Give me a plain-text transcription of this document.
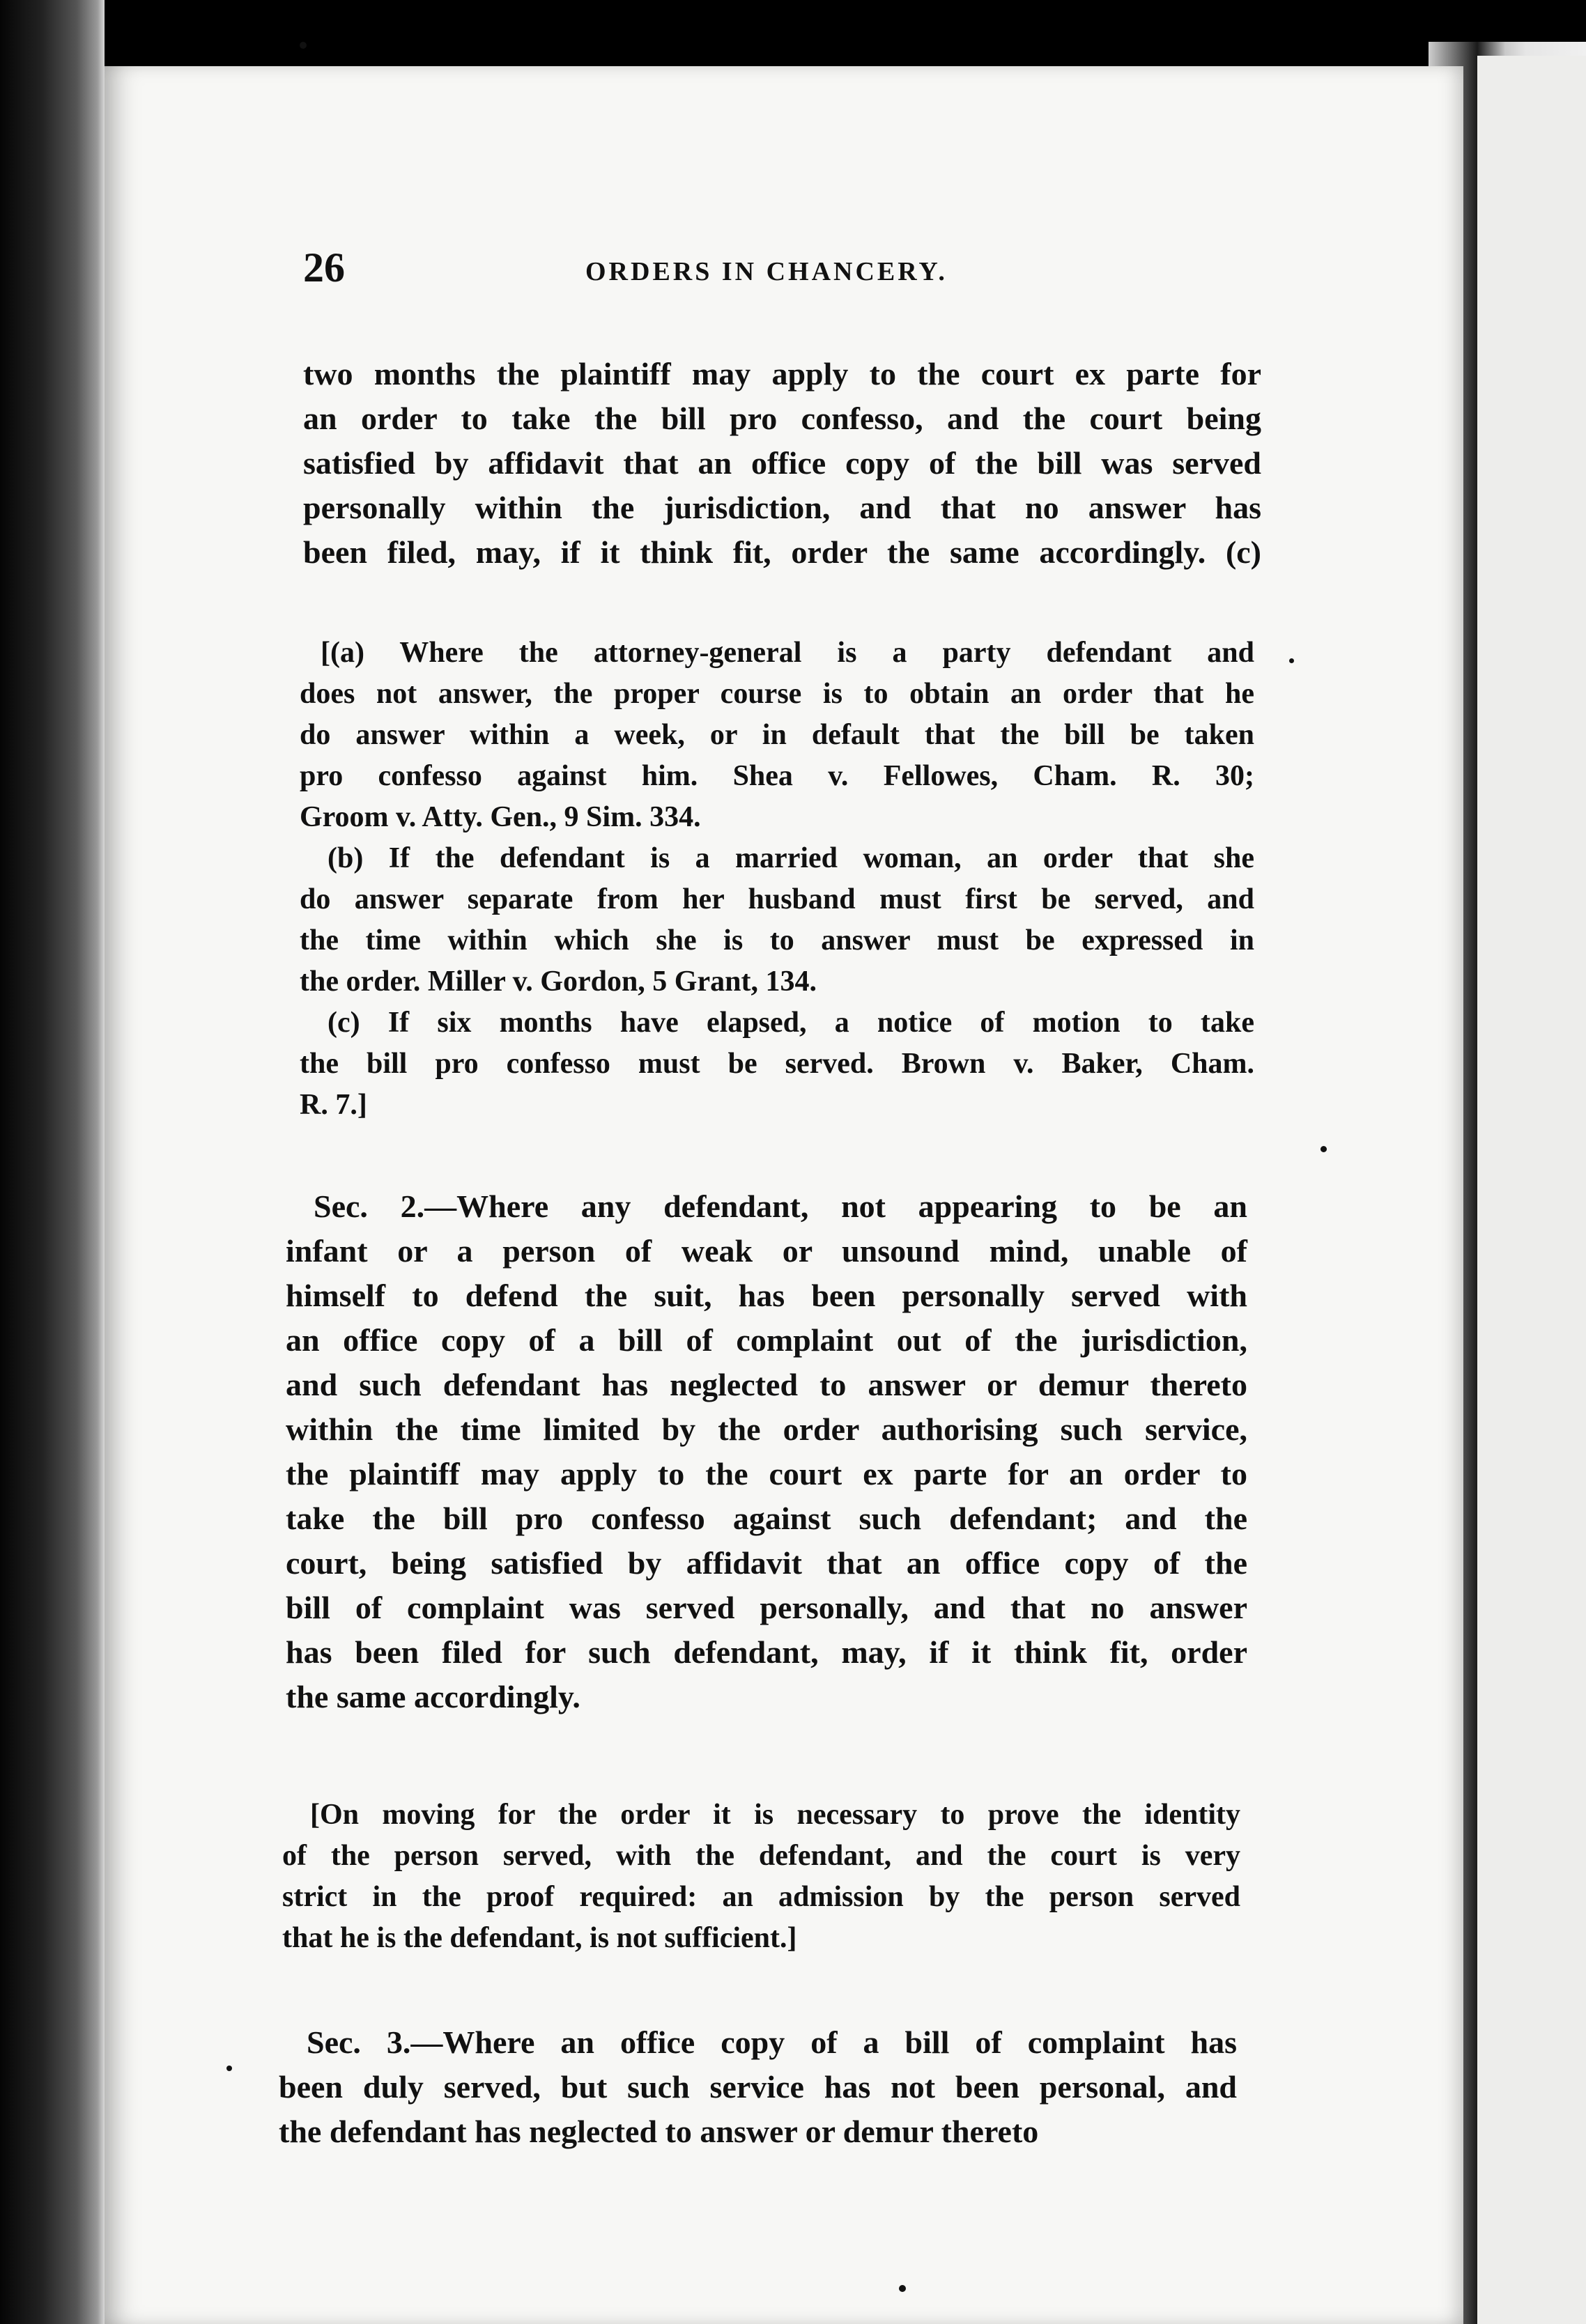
26	ORDERS IN CHANCERY.
two months the plaintiff may apply to the court ex parte for
an order to take the bill pro confesso, and the court being
satisfied by affidavit that an office copy of the bill was served
personally within the jurisdiction, and that no answer has
been filed, may, if it think fit, order the same accordingly. (c)
[(a) Where the attorney-general is a party defendant and
does not answer, the proper course is to obtain an order that he
do answer within a week, or in default that the bill be taken
pro confesso against him. Shea v. Fellowes, Cham. R. 30;
Groom v. Atty. Gen., 9 Sim. 334.
(b) If the defendant is a married woman, an order that she
do answer separate from her husband must first be served, and
the time within which she is to answer must be expressed in
the order. Miller v. Gordon, 5 Grant, 134.
(c) If six months have elapsed, a notice of motion to take
the bill pro confesso must be served. Brown v. Baker, Cham.
R. 7.]
Sec. 2.—Where any defendant, not appearing to be an
infant or a person of weak or unsound mind, unable of
himself to defend the suit, has been personally served with
an office copy of a bill of complaint out of the jurisdiction,
and such defendant has neglected to answer or demur thereto
within the time limited by the order authorising such service,
the plaintiff may apply to the court ex parte for an order to
take the bill pro confesso against such defendant; and the
court, being satisfied by affidavit that an office copy of the
bill of complaint was served personally, and that no answer
has been filed for such defendant, may, if it think fit, order
the same accordingly.
[On moving for the order it is necessary to prove the identity
of the person served, with the defendant, and the court is very
strict in the proof required: an admission by the person served
that he is the defendant, is not sufficient.]
Sec. 3.—Where an office copy of a bill of complaint has
been duly served, but such service has not been personal, and
the defendant has neglected to answer or demur thereto
